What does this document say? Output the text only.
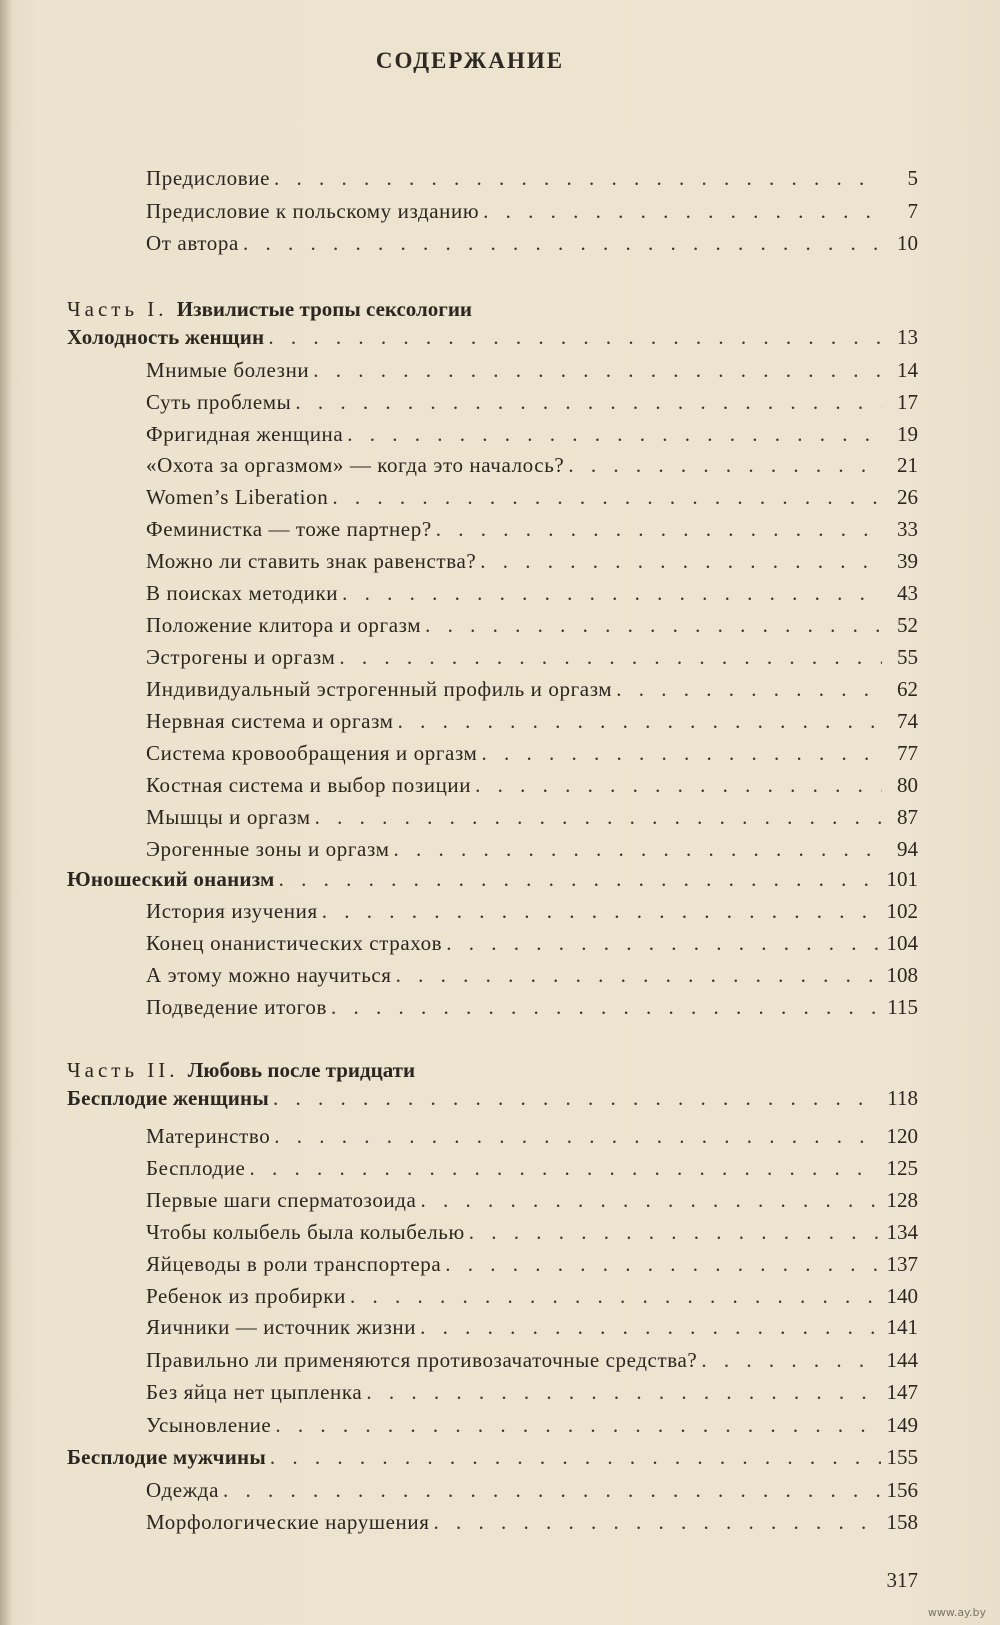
СОДЕРЖАНИЕ
Предисловие . . .	5
Предисловие к польскому изданию . . .	7
От автора . . .	10
Часть I. Извилистые тропы сексологии
Холодность женщин . . .	13
Мнимые болезни . . .	14
Суть проблемы . . .	17
Фригидная женщина . . .	19
«Охота за оргазмом» — когда это началось? . . .	21
Women’s Liberation . . .	26
Феминистка — тоже партнер? . . .	33
Можно ли ставить знак равенства? . . .	39
В поисках методики . . .	43
Положение клитора и оргазм . . .	52
Эстрогены и оргазм . . .	55
Индивидуальный эстрогенный профиль и оргазм . . .	62
Нервная система и оргазм . . .	74
Система кровообращения и оргазм . . .	77
Костная система и выбор позиции . . .	80
Мышцы и оргазм . . .	87
Эрогенные зоны и оргазм . . .	94
Юношеский онанизм . . .	101
История изучения . . .	102
Конец онанистических страхов . . .	104
А этому можно научиться . . .	108
Подведение итогов . . .	115
Часть II. Любовь после тридцати
Бесплодие женщины . . .	118
Материнство . . .	120
Бесплодие . . .	125
Первые шаги сперматозоида . . .	128
Чтобы колыбель была колыбелью . . .	134
Яйцеводы в роли транспортера . . .	137
Ребенок из пробирки . . .	140
Яичники — источник жизни . . .	141
Правильно ли применяются противозачаточные средства? . . .	144
Без яйца нет цыпленка . . .	147
Усыновление . . .	149
Бесплодие мужчины . . .	155
Одежда . . .	156
Морфологические нарушения . . .	158
317
www.ay.by
